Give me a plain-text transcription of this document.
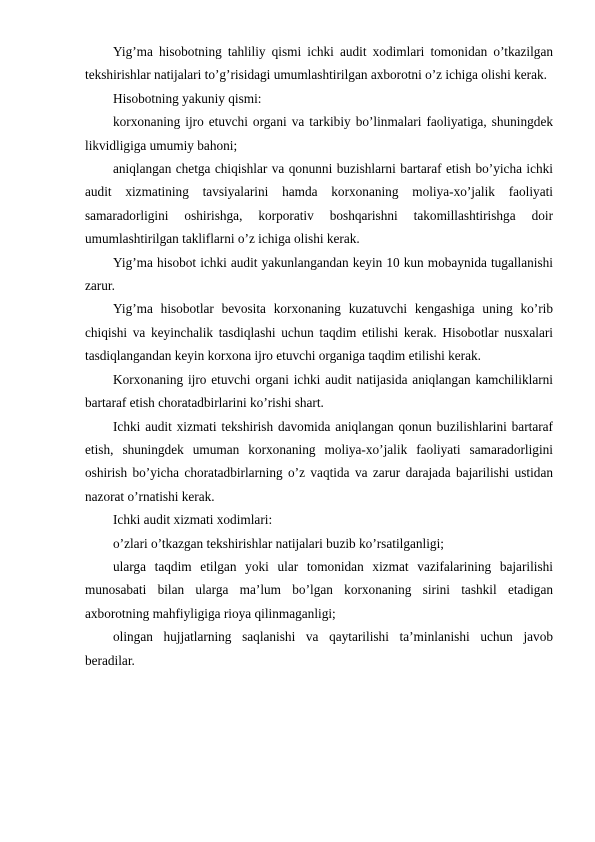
Yig’ma hisobotning tahliliy qismi ichki audit xodimlari tomonidan o’tkazilgan tekshirishlar natijalari to’g’risidagi umumlashtirilgan axborotni o’z ichiga olishi kerak.

Hisobotning yakuniy qismi:

korxonaning ijro etuvchi organi va tarkibiy bo’linmalari faoliyatiga, shuningdek likvidligiga umumiy bahoni;

aniqlangan chetga chiqishlar va qonunni buzishlarni bartaraf etish bo’yicha ichki audit xizmatining tavsiyalarini hamda korxonaning moliya-xo’jalik faoliyati samaradorligini oshirishga, korporativ boshqarishni takomillashtirishga doir umumlashtirilgan takliflarni o’z ichiga olishi kerak.

Yig’ma hisobot ichki audit yakunlangandan keyin 10 kun mobaynida tugallanishi zarur.

Yig’ma hisobotlar bevosita korxonaning kuzatuvchi kengashiga uning ko’rib chiqishi va keyinchalik tasdiqlashi uchun taqdim etilishi kerak. Hisobotlar nusxalari tasdiqlangandan keyin korxona ijro etuvchi organiga taqdim etilishi kerak.

Korxonaning ijro etuvchi organi ichki audit natijasida aniqlangan kamchiliklarni bartaraf etish choratadbirlarini ko’rishi shart.

Ichki audit xizmati tekshirish davomida aniqlangan qonun buzilishlarini bartaraf etish, shuningdek umuman korxonaning moliya-xo’jalik faoliyati samaradorligini oshirish bo’yicha choratadbirlarning o’z vaqtida va zarur darajada bajarilishi ustidan nazorat o’rnatishi kerak.

Ichki audit xizmati xodimlari:

o’zlari o’tkazgan tekshirishlar natijalari buzib ko’rsatilganligi;

ularga taqdim etilgan yoki ular tomonidan xizmat vazifalarining bajarilishi munosabati bilan ularga ma’lum bo’lgan korxonaning sirini tashkil etadigan axborotning mahfiyligiga rioya qilinmaganligi;

olingan hujjatlarning saqlanishi va qaytarilishi ta’minlanishi uchun javob beradilar.
